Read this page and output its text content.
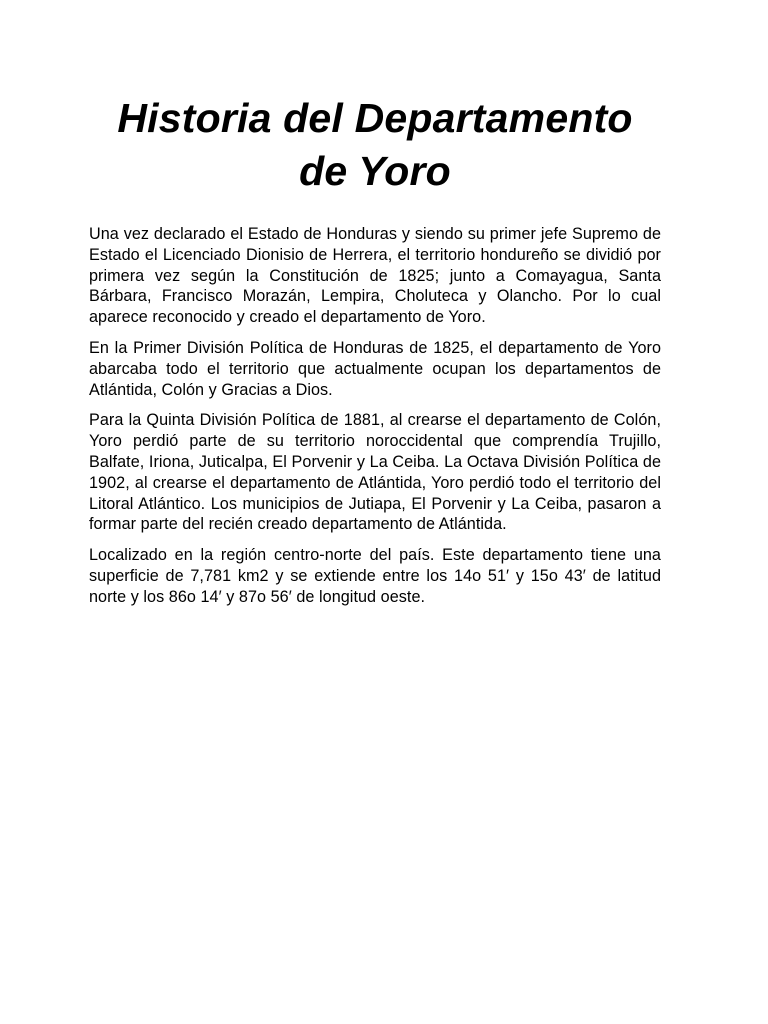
Historia del Departamento
de Yoro

Una vez declarado el Estado de Honduras y siendo su primer jefe Supremo de Estado el Licenciado Dionisio de Herrera, el territorio hondureño se dividió por primera vez según la Constitución de 1825; junto a Comayagua, Santa Bárbara, Francisco Morazán, Lempira, Choluteca y Olancho. Por lo cual aparece reconocido y creado el departamento de Yoro.

En la Primer División Política de Honduras de 1825, el departamento de Yoro abarcaba todo el territorio que actualmente ocupan los departamentos de Atlántida, Colón y Gracias a Dios.

Para la Quinta División Política de 1881, al crearse el departamento de Colón, Yoro perdió parte de su territorio noroccidental que comprendía Trujillo, Balfate, Iriona, Juticalpa, El Porvenir y La Ceiba. La Octava División Política de 1902, al crearse el departamento de Atlántida, Yoro perdió todo el territorio del Litoral Atlántico. Los municipios de Jutiapa, El Porvenir y La Ceiba, pasaron a formar parte del recién creado departamento de Atlántida.

Localizado en la región centro-norte del país. Este departamento tiene una superficie de 7,781 km2 y se extiende entre los 14o 51′ y 15o 43′ de latitud norte y los 86o 14′ y 87o 56′ de longitud oeste.
